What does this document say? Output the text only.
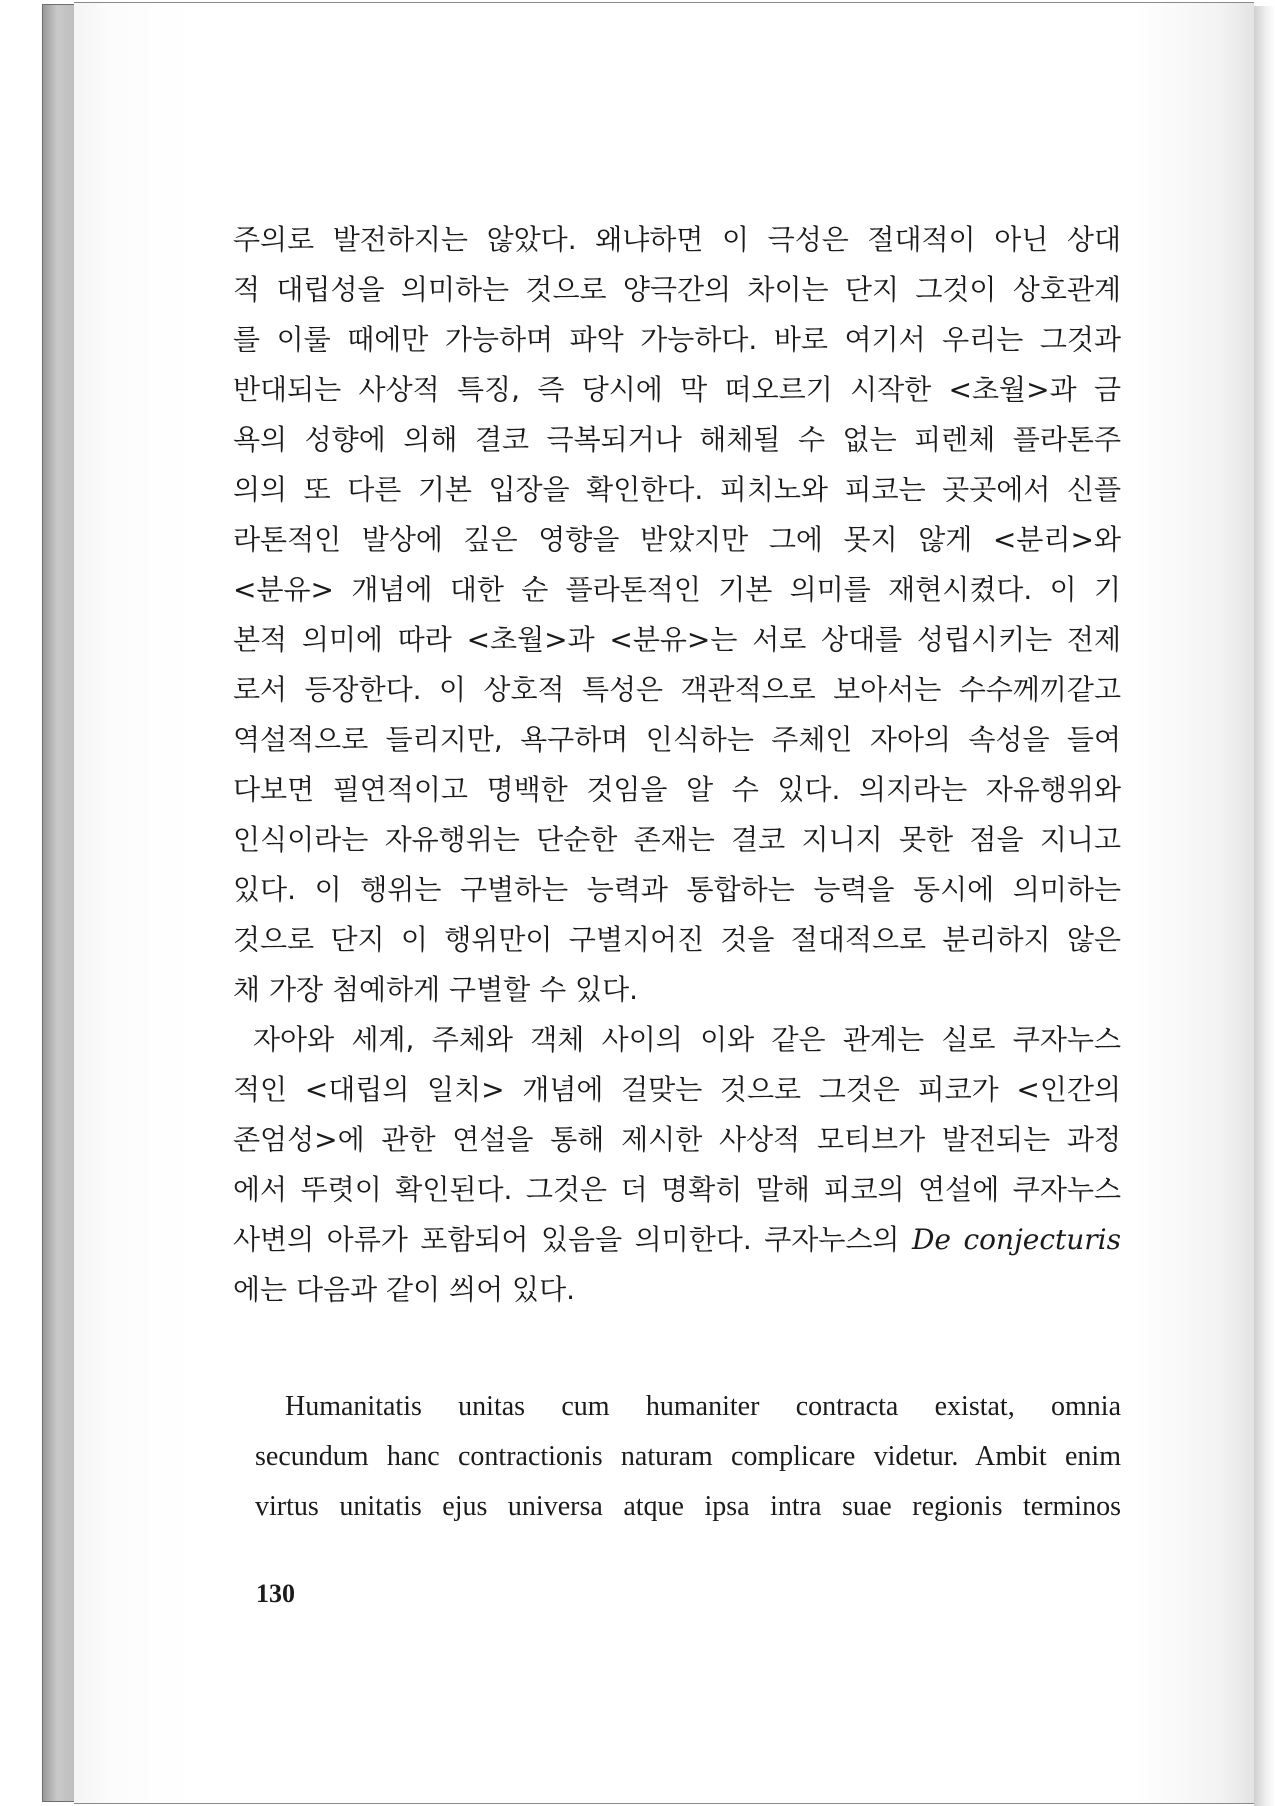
주의로 발전하지는 않았다. 왜냐하면 이 극성은 절대적이 아닌 상대
적 대립성을 의미하는 것으로 양극간의 차이는 단지 그것이 상호관계
를 이룰 때에만 가능하며 파악 가능하다. 바로 여기서 우리는 그것과
반대되는 사상적 특징, 즉 당시에 막 떠오르기 시작한 <초월>과 금
욕의 성향에 의해 결코 극복되거나 해체될 수 없는 피렌체 플라톤주
의의 또 다른 기본 입장을 확인한다. 피치노와 피코는 곳곳에서 신플
라톤적인 발상에 깊은 영향을 받았지만 그에 못지 않게 <분리>와
<분유> 개념에 대한 순 플라톤적인 기본 의미를 재현시켰다. 이 기
본적 의미에 따라 <초월>과 <분유>는 서로 상대를 성립시키는 전제
로서 등장한다. 이 상호적 특성은 객관적으로 보아서는 수수께끼같고
역설적으로 들리지만, 욕구하며 인식하는 주체인 자아의 속성을 들여
다보면 필연적이고 명백한 것임을 알 수 있다. 의지라는 자유행위와
인식이라는 자유행위는 단순한 존재는 결코 지니지 못한 점을 지니고
있다. 이 행위는 구별하는 능력과 통합하는 능력을 동시에 의미하는
것으로 단지 이 행위만이 구별지어진 것을 절대적으로 분리하지 않은
채 가장 첨예하게 구별할 수 있다.
자아와 세계, 주체와 객체 사이의 이와 같은 관계는 실로 쿠자누스
적인 <대립의 일치> 개념에 걸맞는 것으로 그것은 피코가 <인간의
존엄성>에 관한 연설을 통해 제시한 사상적 모티브가 발전되는 과정
에서 뚜렷이 확인된다. 그것은 더 명확히 말해 피코의 연설에 쿠자누스
사변의 아류가 포함되어 있음을 의미한다. 쿠자누스의 De conjecturis
에는 다음과 같이 씌어 있다.
Humanitatis unitas cum humaniter contracta existat, omnia
secundum hanc contractionis naturam complicare videtur. Ambit enim
virtus unitatis ejus universa atque ipsa intra suae regionis terminos
130
